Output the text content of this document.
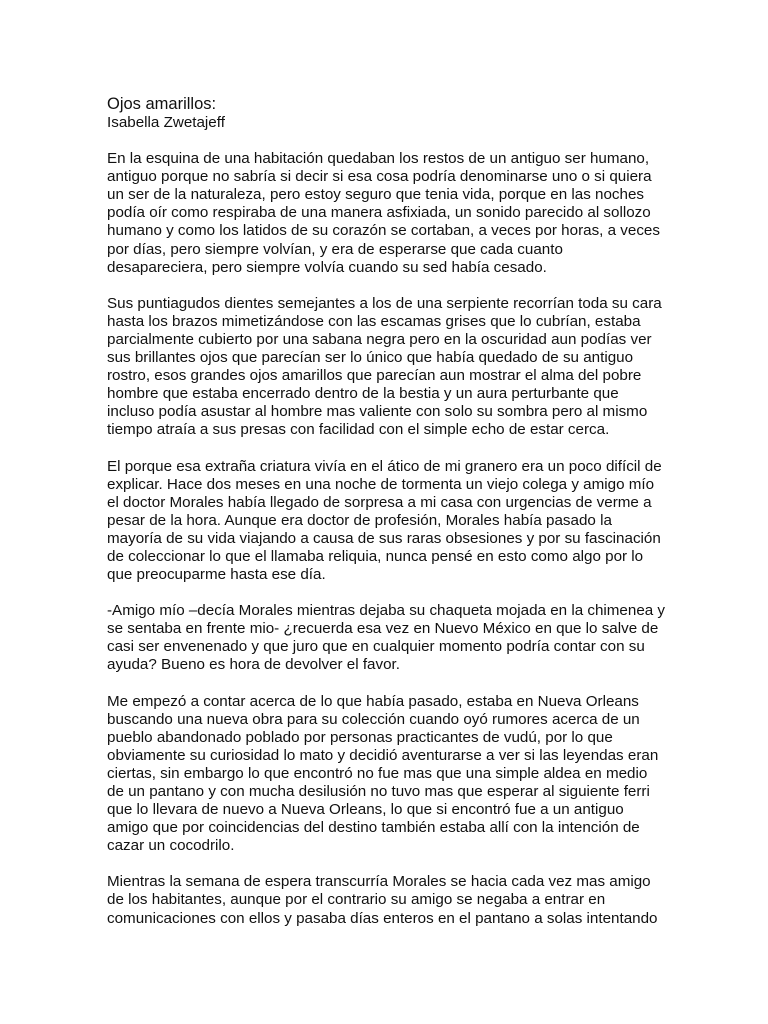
Ojos amarillos:
Isabella Zwetajeff

En la esquina de una habitación quedaban los restos de un antiguo ser humano,
antiguo porque no sabría si decir si esa cosa podría denominarse uno o si quiera
un ser de la naturaleza, pero estoy seguro que tenia vida, porque en las noches
podía oír como respiraba de una manera asfixiada, un sonido parecido al sollozo
humano y como los latidos de su corazón se cortaban, a veces por horas, a veces
por días, pero siempre volvían, y era de esperarse que cada cuanto
desapareciera, pero siempre volvía cuando su sed había cesado.

Sus puntiagudos dientes semejantes a los de una serpiente recorrían toda su cara
hasta los brazos mimetizándose con las escamas grises que lo cubrían, estaba
parcialmente cubierto por una sabana negra pero en la oscuridad aun podías ver
sus brillantes ojos que parecían ser lo único que había quedado de su antiguo
rostro, esos grandes ojos amarillos que parecían aun mostrar el alma del pobre
hombre que estaba encerrado dentro de la bestia y un aura perturbante que
incluso podía asustar al hombre mas valiente con solo su sombra pero al mismo
tiempo atraía a sus presas con facilidad con el simple echo de estar cerca.

El porque esa extraña criatura vivía en el ático de mi granero era un poco difícil de
explicar. Hace dos meses en una noche de tormenta un viejo colega y amigo mío
el doctor Morales había llegado de sorpresa a mi casa con urgencias de verme a
pesar de la hora. Aunque era doctor de profesión, Morales había pasado la
mayoría de su vida viajando a causa de sus raras obsesiones y por su fascinación
de coleccionar lo que el llamaba reliquia, nunca pensé en esto como algo por lo
que preocuparme hasta ese día.

-Amigo mío –decía Morales mientras dejaba su chaqueta mojada en la chimenea y
se sentaba en frente mio- ¿recuerda esa vez en Nuevo México en que lo salve de
casi ser envenenado y que juro que en cualquier momento podría contar con su
ayuda? Bueno es hora de devolver el favor.

Me empezó a contar acerca de lo que había pasado, estaba en Nueva Orleans
buscando una nueva obra para su colección cuando oyó rumores acerca de un
pueblo abandonado poblado por personas practicantes de vudú, por lo que
obviamente su curiosidad lo mato y decidió aventurarse a ver si las leyendas eran
ciertas, sin embargo lo que encontró no fue mas que una simple aldea en medio
de un pantano y con mucha desilusión no tuvo mas que esperar al siguiente ferri
que lo llevara de nuevo a Nueva Orleans, lo que si encontró fue a un antiguo
amigo que por coincidencias del destino también estaba allí con la intención de
cazar un cocodrilo.

Mientras la semana de espera transcurría Morales se hacia cada vez mas amigo
de los habitantes, aunque por el contrario su amigo se negaba a entrar en
comunicaciones con ellos y pasaba días enteros en el pantano a solas intentando
